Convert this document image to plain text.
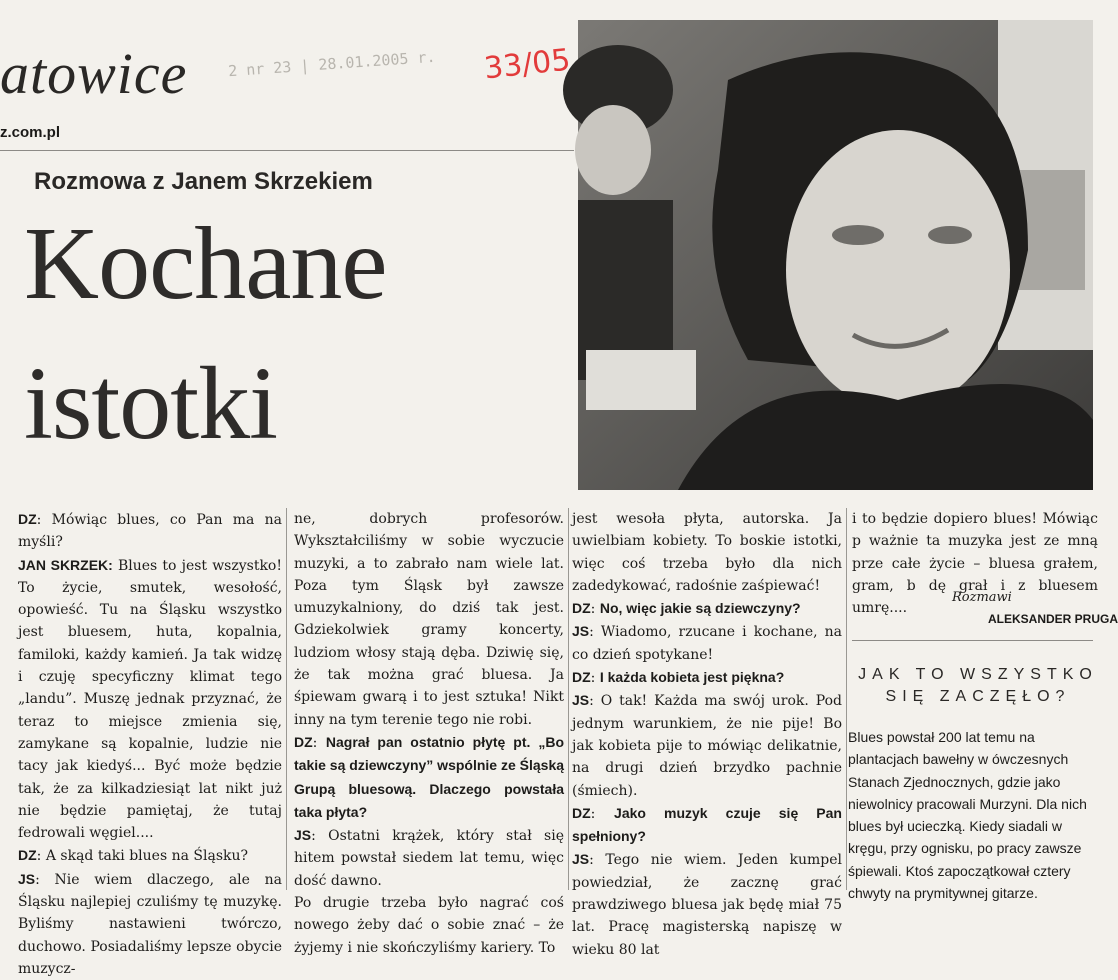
atowice	2 nr 23 | 28.01.2005 r. 33/05
z.com.pl
Rozmowa z Janem Skrzekiem
Kochane
istotki

DZ: Mówiąc blues, co Pan ma na myśli?

JAN SKRZEK: Blues to jest wszystko! To życie, smutek, wesołość, opowieść. Tu na Śląsku wszystko jest bluesem, huta, kopalnia, familoki, każdy kamień. Ja tak widzę i czuję specyficzny klimat tego „landu”. Muszę jednak przyznać, że teraz to miejsce zmienia się, zamykane są kopalnie, ludzie nie tacy jak kiedyś... Być może będzie tak, że za kilkadziesiąt lat nikt już nie będzie pamiętaj, że tutaj fedrowali węgiel....

DZ: A skąd taki blues na Śląsku?

JS: Nie wiem dlaczego, ale na Śląsku najlepiej czuliśmy tę muzykę. Byliśmy nastawieni twórczo, duchowo. Posiadaliśmy lepsze obycie muzycz-

ne, dobrych profesorów. Wykształciliśmy w sobie wyczucie muzyki, a to zabrało nam wiele lat. Poza tym Śląsk był zawsze umuzykalniony, do dziś tak jest. Gdziekolwiek gramy koncerty, ludziom włosy stają dęba. Dziwię się, że tak można grać bluesa. Ja śpiewam gwarą i to jest sztuka! Nikt inny na tym terenie tego nie robi.

DZ: Nagrał pan ostatnio płytę pt. „Bo takie są dziewczyny” wspólnie ze Śląską Grupą bluesową. Dlaczego powstała taka płyta?

JS: Ostatni krążek, który stał się hitem powstał siedem lat temu, więc dość dawno.

Po drugie trzeba było nagrać coś nowego żeby dać o sobie znać – że żyjemy i nie skończyliśmy kariery. To

jest wesoła płyta, autorska. Ja uwielbiam kobiety. To boskie istotki, więc coś trzeba było dla nich zadedykować, radośnie zaśpiewać!

DZ: No, więc jakie są dziewczyny?

JS: Wiadomo, rzucane i kochane, na co dzień spotykane!

DZ: I każda kobieta jest piękna?

JS: O tak! Każda ma swój urok. Pod jednym warunkiem, że nie pije! Bo jak kobieta pije to mówiąc delikatnie, na drugi dzień brzydko pachnie (śmiech).

DZ: Jako muzyk czuje się Pan spełniony?

JS: Tego nie wiem. Jeden kumpel powiedział, że zacznę grać prawdziwego bluesa jak będę miał 75 lat. Pracę magisterską napiszę w wieku 80 lat

i to będzie dopiero blues! Mówiąc p ważnie ta muzyka jest ze mną prze całe życie – bluesa grałem, gram, b dę grał i z bluesem umrę....

Rozmawi
ALEKSANDER PRUGA
JAK TO WSZYSTKO
SIĘ ZACZĘŁO?
Blues powstał 200 lat temu na plantacjach bawełny w ówczesnych Stanach Zjednocznych, gdzie jako niewolnicy pracowali Murzyni. Dla nich blues był ucieczką. Kiedy siadali w kręgu, przy ognisku, po pracy zawsze śpiewali. Ktoś zapoczątkował cztery chwyty na prymitywnej gitarze.
